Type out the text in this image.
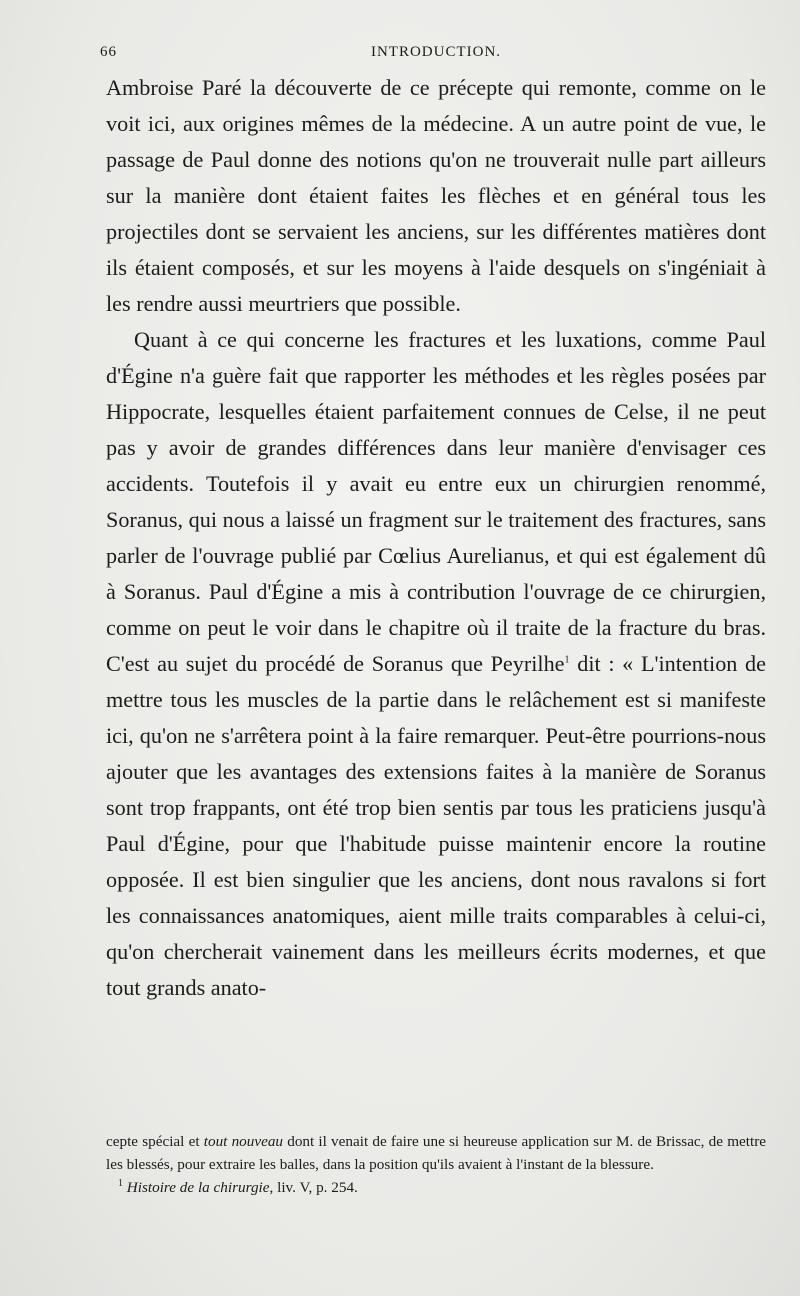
66	INTRODUCTION.

Ambroise Paré la découverte de ce précepte qui remonte, comme on le voit ici, aux origines mêmes de la médecine. A un autre point de vue, le passage de Paul donne des notions qu'on ne trouverait nulle part ailleurs sur la manière dont étaient faites les flèches et en général tous les projectiles dont se servaient les anciens, sur les différentes matières dont ils étaient composés, et sur les moyens à l'aide desquels on s'ingéniait à les rendre aussi meurtriers que possible.

Quant à ce qui concerne les fractures et les luxations, comme Paul d'Égine n'a guère fait que rapporter les méthodes et les règles posées par Hippocrate, lesquelles étaient parfaitement connues de Celse, il ne peut pas y avoir de grandes différences dans leur manière d'envisager ces accidents. Toutefois il y avait eu entre eux un chirurgien renommé, Soranus, qui nous a laissé un fragment sur le traitement des fractures, sans parler de l'ouvrage publié par Cœlius Aurelianus, et qui est également dû à Soranus. Paul d'Égine a mis à contribution l'ouvrage de ce chirurgien, comme on peut le voir dans le chapitre où il traite de la fracture du bras. C'est au sujet du procédé de Soranus que Peyrilhe$^1$ dit : « L'intention de mettre tous les muscles de la partie dans le relâchement est si manifeste ici, qu'on ne s'arrêtera point à la faire remarquer. Peut-être pourrions-nous ajouter que les avantages des extensions faites à la manière de Soranus sont trop frappants, ont été trop bien sentis par tous les praticiens jusqu'à Paul d'Égine, pour que l'habitude puisse maintenir encore la routine opposée. Il est bien singulier que les anciens, dont nous ravalons si fort les connaissances anatomiques, aient mille traits comparables à celui-ci, qu'on chercherait vainement dans les meilleurs écrits modernes, et que tout grands anato-

cepte spécial et tout nouveau dont il venait de faire une si heureuse application sur M. de Brissac, de mettre les blessés, pour extraire les balles, dans la position qu'ils avaient à l'instant de la blessure.

$^1$ Histoire de la chirurgie, liv. V, p. 254.
